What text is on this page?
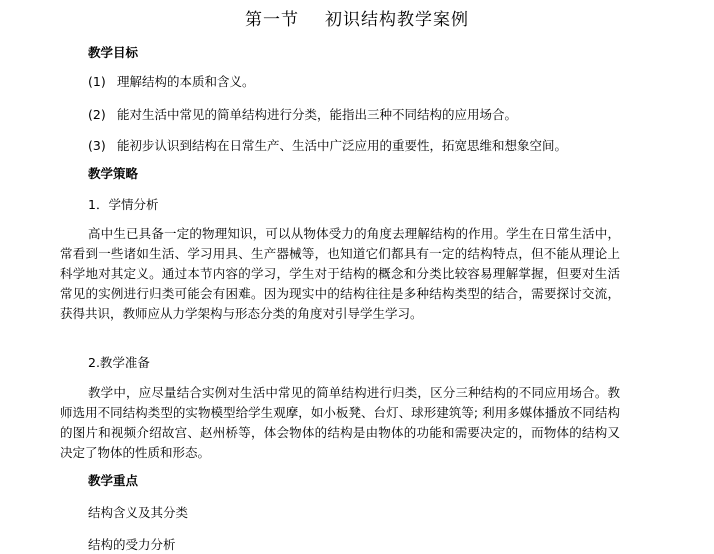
第一节 初识结构教学案例
教学目标
(1) 理解结构的本质和含义。
(2) 能对生活中常见的简单结构进行分类，能指出三种不同结构的应用场合。
(3) 能初步认识到结构在日常生产、生活中广泛应用的重要性，拓宽思维和想象空间。
教学策略
1．学情分析
高中生已具备一定的物理知识，可以从物体受力的角度去理解结构的作用。学生在日常生活中，常看到一些诸如生活、学习用具、生产器械等，也知道它们都具有一定的结构特点，但不能从理论上科学地对其定义。通过本节内容的学习，学生对于结构的概念和分类比较容易理解掌握，但要对生活常见的实例进行归类可能会有困难。因为现实中的结构往往是多种结构类型的结合，需要探讨交流，获得共识，教师应从力学架构与形态分类的角度对引导学生学习。
2.教学准备
教学中，应尽量结合实例对生活中常见的简单结构进行归类，区分三种结构的不同应用场合。教师选用不同结构类型的实物模型给学生观摩，如小板凳、台灯、球形建筑等; 利用多媒体播放不同结构的图片和视频介绍故宫、赵州桥等，体会物体的结构是由物体的功能和需要决定的，而物体的结构又决定了物体的性质和形态。
教学重点
结构含义及其分类
结构的受力分析
